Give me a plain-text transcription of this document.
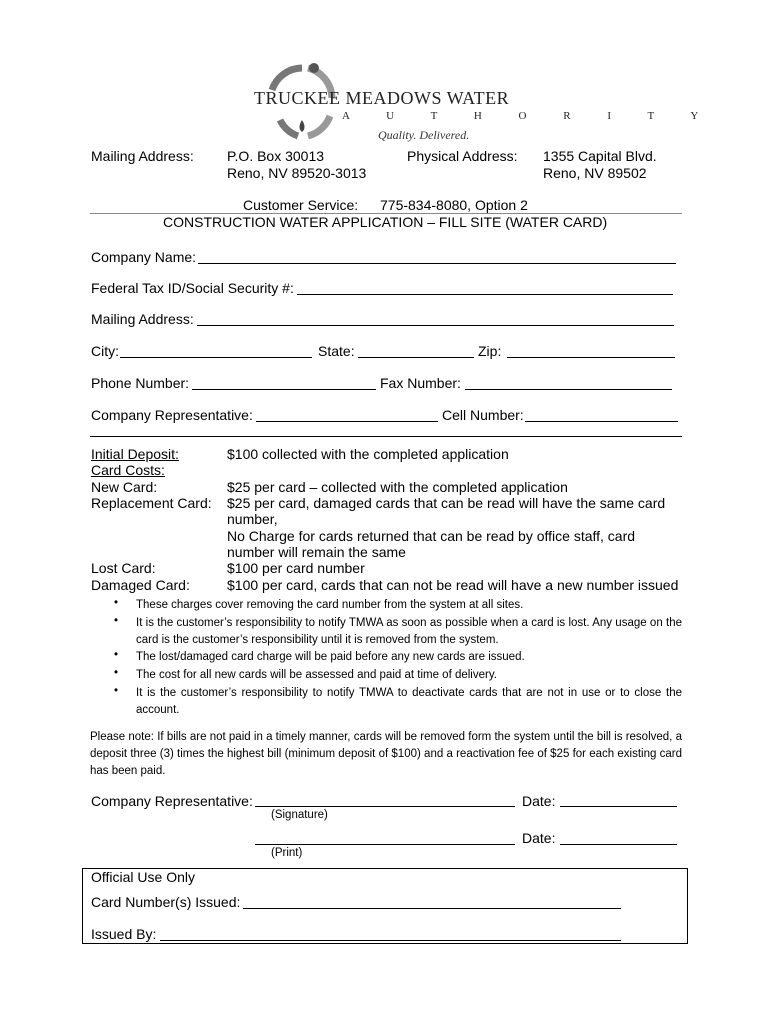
TRUCKEE MEADOWS WATER
A U T H O R I T Y
Quality. Delivered.
Mailing Address: P.O. Box 30013
Reno, NV 89520-3013
Physical Address: 1355 Capital Blvd.
Reno, NV 89502
Customer Service: 775-834-8080, Option 2
CONSTRUCTION WATER APPLICATION – FILL SITE (WATER CARD)
Company Name:
Federal Tax ID/Social Security #:
Mailing Address:
City:	State:	Zip:
Phone Number:	Fax Number:
Company Representative:	Cell Number:
Initial Deposit:	$100 collected with the completed application
Card Costs:
New Card:	$25 per card – collected with the completed application
Replacement Card: $25 per card, damaged cards that can be read will have the same card
number,
No Charge for cards returned that can be read by office staff, card
number will remain the same
Lost Card:	$100 per card number
Damaged Card:	$100 per card, cards that can not be read will have a new number issued
• These charges cover removing the card number from the system at all sites.
• It is the customer’s responsibility to notify TMWA as soon as possible when a card is lost. Any usage on the card is the customer’s responsibility until it is removed from the system.
• The lost/damaged card charge will be paid before any new cards are issued.
• The cost for all new cards will be assessed and paid at time of delivery.
• It is the customer’s responsibility to notify TMWA to deactivate cards that are not in use or to close the account.
Please note: If bills are not paid in a timely manner, cards will be removed form the system until the bill is resolved, a deposit three (3) times the highest bill (minimum deposit of $100) and a reactivation fee of $25 for each existing card has been paid.
Company Representative:	Date:
(Signature)
Date:
(Print)
Official Use Only
Card Number(s) Issued:
Issued By:
